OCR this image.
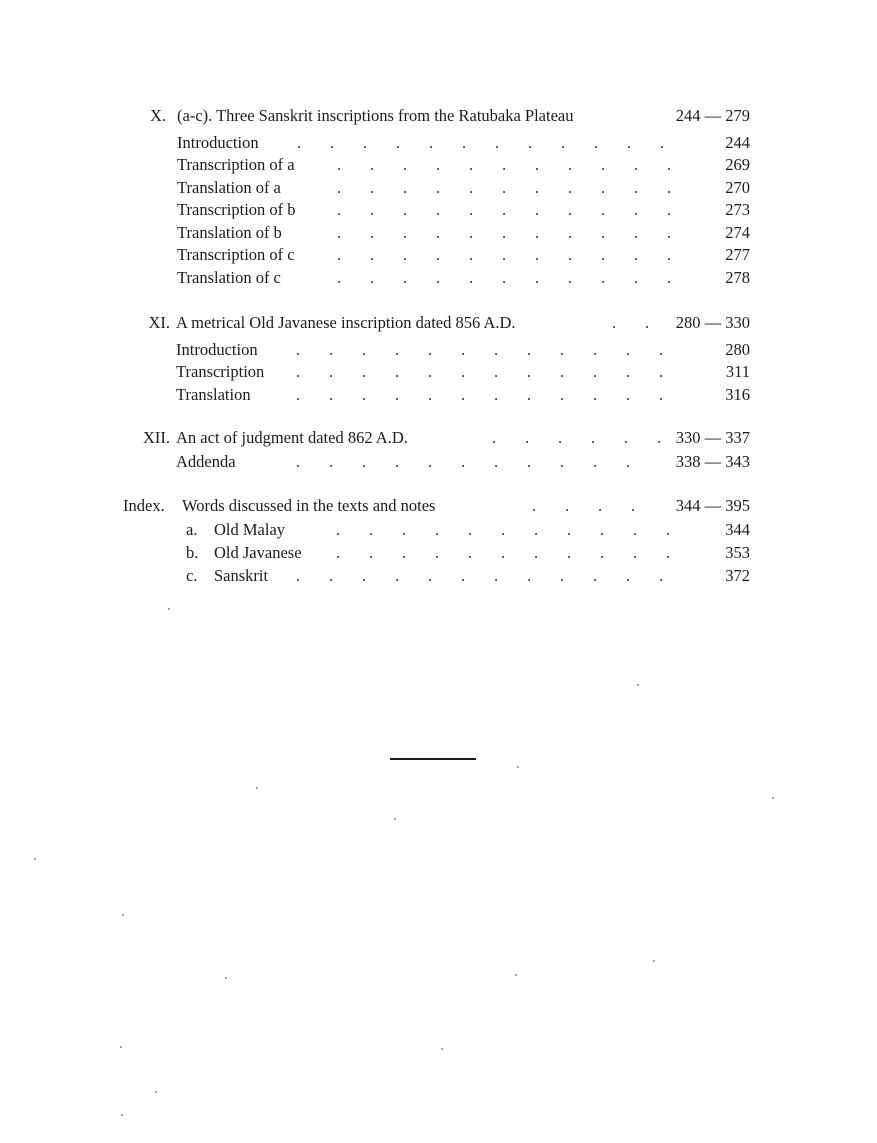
X. (a-c). Three Sanskrit inscriptions from the Ratubaka Plateau	244 — 279
Introduction .       .       .       .       .       .       .       .       .       .       .       .	244
Transcription of a	.       .       .       .       .       .       .       .       .       .       .	269
Translation of a	.       .       .       .       .       .       .       .       .       .       .	270
Transcription of b	.       .       .       .       .       .       .       .       .       .       .	273
Translation of b	.       .       .       .       .       .       .       .       .       .       .	274
Transcription of c	.       .       .       .       .       .       .       .       .       .       .	277
Translation of c	.       .       .       .       .       .       .       .       .       .       .	278
XI. A metrical Old Javanese inscription dated 856 A.D.	.       .	280 — 330
Introduction .       .       .       .       .       .       .       .       .       .       .       .	280
Transcription .       .       .       .       .       .       .       .       .       .       .       .	311
Translation	.       .       .       .       .       .       .       .       .       .       .       .	316
XII. An act of judgment dated 862 A.D.	.       .       .       .       .       . 330 — 337
Addenda	.       .       .       .       .       .       .       .       .       .       .	338 — 343
Index.	Words discussed in the texts and notes	.       .       .       .	344 — 395
a.	Old Malay	.       .       .       .       .       .       .       .       .       .       .	344
b. Old Javanese .       .       .       .       .       .       .       .       .       .       .	353
c.	Sanskrit .       .       .       .       .       .       .       .       .       .       .       .	372
